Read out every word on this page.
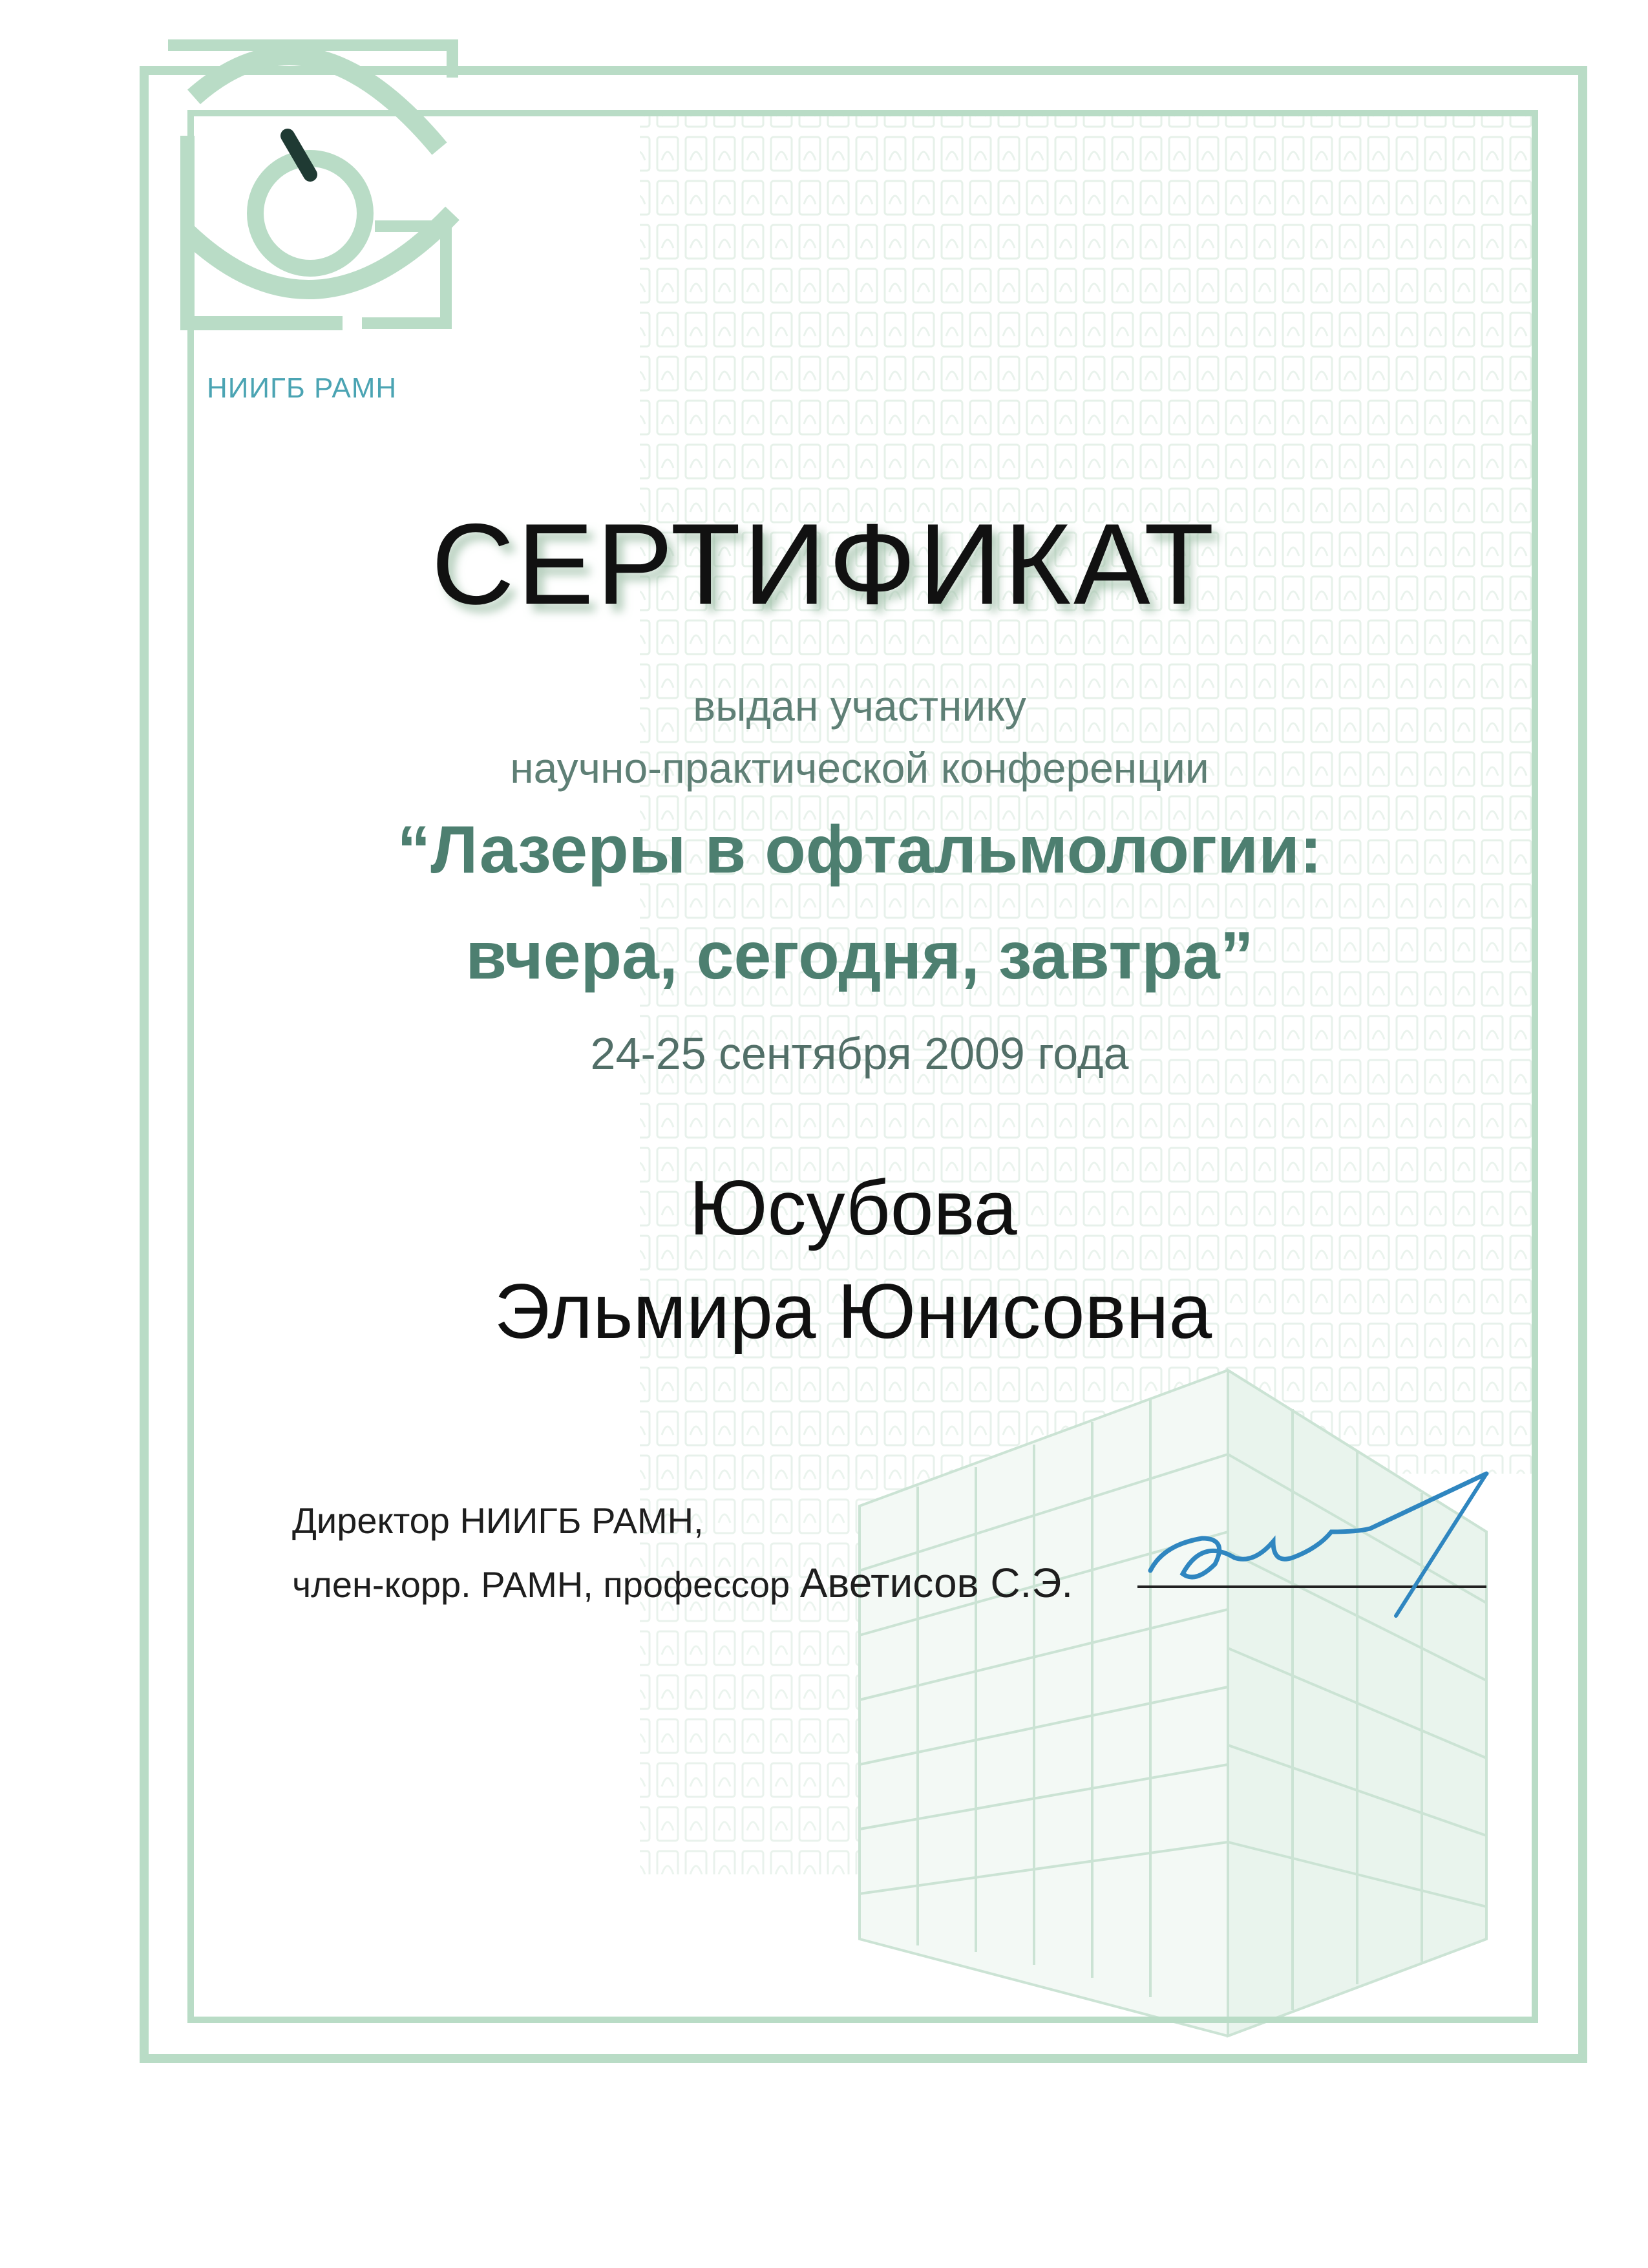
НИИГБ РАМН
СЕРТИФИКАТ
выдан участнику
научно-практической конференции
“Лазеры в офтальмологии:
вчера, сегодня, завтра”
24-25 сентября 2009 года
Юсубова
Эльмира Юнисовна
Директор НИИГБ РАМН,
член-корр. РАМН, профессор Аветисов С.Э.
